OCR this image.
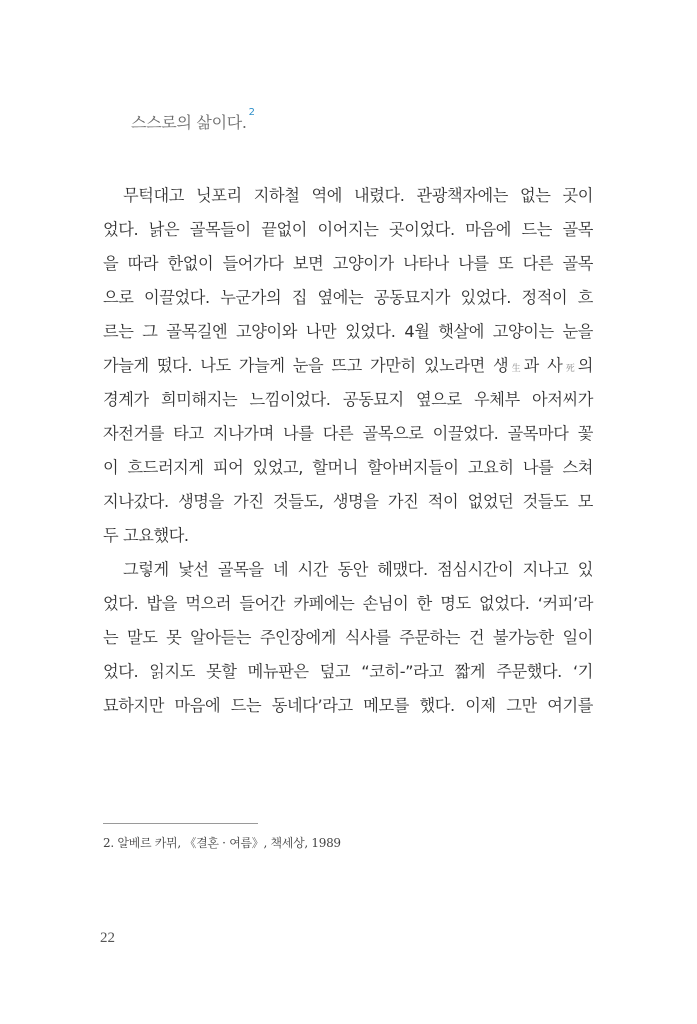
스스로의 삶이다.$^2$
무턱대고 닛포리 지하철 역에 내렸다. 관광책자에는 없는 곳이
었다. 낡은 골목들이 끝없이 이어지는 곳이었다. 마음에 드는 골목
을 따라 한없이 들어가다 보면 고양이가 나타나 나를 또 다른 골목
으로 이끌었다. 누군가의 집 옆에는 공동묘지가 있었다. 정적이 흐
르는 그 골목길엔 고양이와 나만 있었다. 4월 햇살에 고양이는 눈을
가늘게 떴다. 나도 가늘게 눈을 뜨고 가만히 있노라면 생生과 사死의
경계가 희미해지는 느낌이었다. 공동묘지 옆으로 우체부 아저씨가
자전거를 타고 지나가며 나를 다른 골목으로 이끌었다. 골목마다 꽃
이 흐드러지게 피어 있었고, 할머니 할아버지들이 고요히 나를 스쳐
지나갔다. 생명을 가진 것들도, 생명을 가진 적이 없었던 것들도 모
두 고요했다.
그렇게 낯선 골목을 네 시간 동안 헤맸다. 점심시간이 지나고 있
었다. 밥을 먹으러 들어간 카페에는 손님이 한 명도 없었다. ‘커피’라
는 말도 못 알아듣는 주인장에게 식사를 주문하는 건 불가능한 일이
었다. 읽지도 못할 메뉴판은 덮고 “코히-”라고 짧게 주문했다. ‘기
묘하지만 마음에 드는 동네다’라고 메모를 했다. 이제 그만 여기를
2. 알베르 카뮈, 《결혼 · 여름》, 책세상, 1989
22
